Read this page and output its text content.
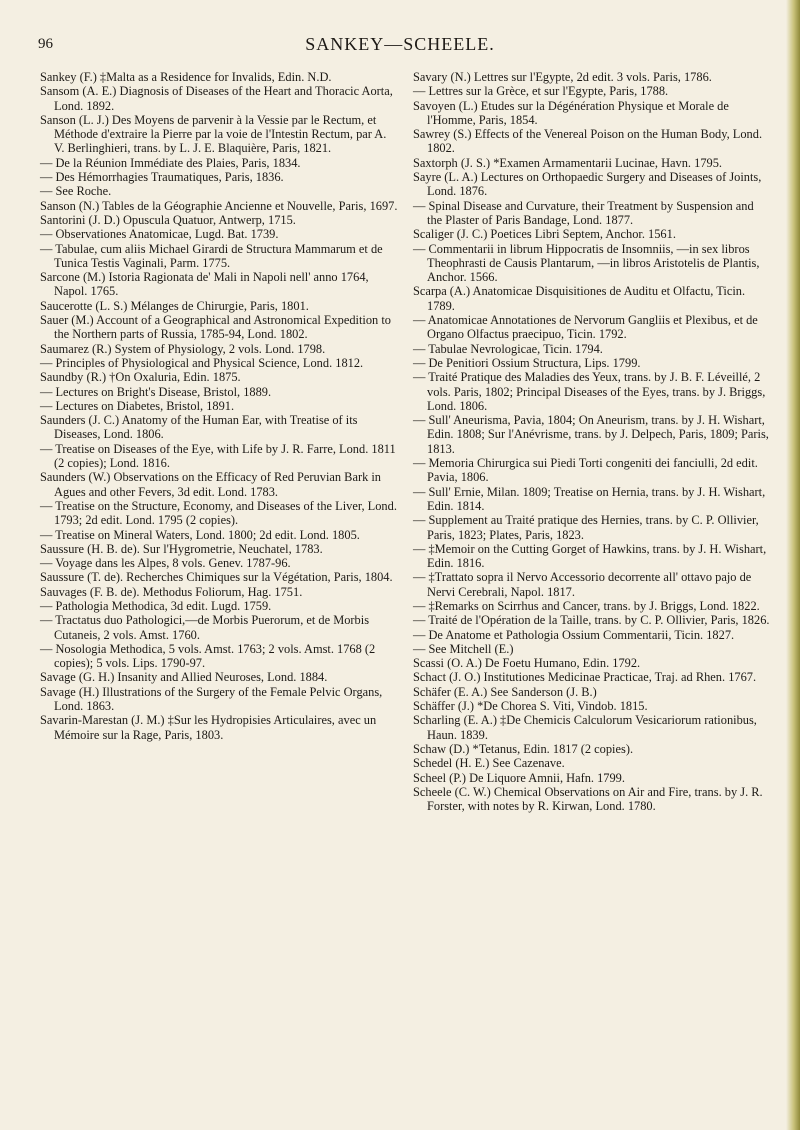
96	SANKEY—SCHEELE.

Sankey (F.) ‡Malta as a Residence for Invalids, Edin. N.D.

Sansom (A. E.) Diagnosis of Diseases of the Heart and Thoracic Aorta, Lond. 1892.

Sanson (L. J.) Des Moyens de parvenir à la Vessie par le Rectum, et Méthode d'extraire la Pierre par la voie de l'Intestin Rectum, par A. V. Berlinghieri, trans. by L. J. E. Blaquière, Paris, 1821.

— De la Réunion Immédiate des Plaies, Paris, 1834.

— Des Hémorrhagies Traumatiques, Paris, 1836.

— See Roche.

Sanson (N.) Tables de la Géographie Ancienne et Nouvelle, Paris, 1697.

Santorini (J. D.) Opuscula Quatuor, Antwerp, 1715.

— Observationes Anatomicae, Lugd. Bat. 1739.

— Tabulae, cum aliis Michael Girardi de Structura Mammarum et de Tunica Testis Vaginali, Parm. 1775.

Sarcone (M.) Istoria Ragionata de' Mali in Napoli nell' anno 1764, Napol. 1765.

Saucerotte (L. S.) Mélanges de Chirurgie, Paris, 1801.

Sauer (M.) Account of a Geographical and Astronomical Expedition to the Northern parts of Russia, 1785-94, Lond. 1802.

Saumarez (R.) System of Physiology, 2 vols. Lond. 1798.

— Principles of Physiological and Physical Science, Lond. 1812.

Saundby (R.) †On Oxaluria, Edin. 1875.

— Lectures on Bright's Disease, Bristol, 1889.

— Lectures on Diabetes, Bristol, 1891.

Saunders (J. C.) Anatomy of the Human Ear, with Treatise of its Diseases, Lond. 1806.

— Treatise on Diseases of the Eye, with Life by J. R. Farre, Lond. 1811 (2 copies); Lond. 1816.

Saunders (W.) Observations on the Efficacy of Red Peruvian Bark in Agues and other Fevers, 3d edit. Lond. 1783.

— Treatise on the Structure, Economy, and Diseases of the Liver, Lond. 1793; 2d edit. Lond. 1795 (2 copies).

— Treatise on Mineral Waters, Lond. 1800; 2d edit. Lond. 1805.

Saussure (H. B. de). Sur l'Hygrometrie, Neuchatel, 1783.

— Voyage dans les Alpes, 8 vols. Genev. 1787-96.

Saussure (T. de). Recherches Chimiques sur la Végétation, Paris, 1804.

Sauvages (F. B. de). Methodus Foliorum, Hag. 1751.

— Pathologia Methodica, 3d edit. Lugd. 1759.

— Tractatus duo Pathologici,—de Morbis Puerorum, et de Morbis Cutaneis, 2 vols. Amst. 1760.

— Nosologia Methodica, 5 vols. Amst. 1763; 2 vols. Amst. 1768 (2 copies); 5 vols. Lips. 1790-97.

Savage (G. H.) Insanity and Allied Neuroses, Lond. 1884.

Savage (H.) Illustrations of the Surgery of the Female Pelvic Organs, Lond. 1863.

Savarin-Marestan (J. M.) ‡Sur les Hydropisies Articulaires, avec un Mémoire sur la Rage, Paris, 1803.

Savary (N.) Lettres sur l'Egypte, 2d edit. 3 vols. Paris, 1786.

— Lettres sur la Grèce, et sur l'Egypte, Paris, 1788.

Savoyen (L.) Etudes sur la Dégénération Physique et Morale de l'Homme, Paris, 1854.

Sawrey (S.) Effects of the Venereal Poison on the Human Body, Lond. 1802.

Saxtorph (J. S.) *Examen Armamentarii Lucinae, Havn. 1795.

Sayre (L. A.) Lectures on Orthopaedic Surgery and Diseases of Joints, Lond. 1876.

— Spinal Disease and Curvature, their Treatment by Suspension and the Plaster of Paris Bandage, Lond. 1877.

Scaliger (J. C.) Poetices Libri Septem, Anchor. 1561.

— Commentarii in librum Hippocratis de Insomniis, —in sex libros Theophrasti de Causis Plantarum, —in libros Aristotelis de Plantis, Anchor. 1566.

Scarpa (A.) Anatomicae Disquisitiones de Auditu et Olfactu, Ticin. 1789.

— Anatomicae Annotationes de Nervorum Gangliis et Plexibus, et de Organo Olfactus praecipuo, Ticin. 1792.

— Tabulae Nevrologicae, Ticin. 1794.

— De Penitiori Ossium Structura, Lips. 1799.

— Traité Pratique des Maladies des Yeux, trans. by J. B. F. Léveillé, 2 vols. Paris, 1802; Principal Diseases of the Eyes, trans. by J. Briggs, Lond. 1806.

— Sull' Aneurisma, Pavia, 1804; On Aneurism, trans. by J. H. Wishart, Edin. 1808; Sur l'Anévrisme, trans. by J. Delpech, Paris, 1809; Paris, 1813.

— Memoria Chirurgica sui Piedi Torti congeniti dei fanciulli, 2d edit. Pavia, 1806.

— Sull' Ernie, Milan. 1809; Treatise on Hernia, trans. by J. H. Wishart, Edin. 1814.

— Supplement au Traité pratique des Hernies, trans. by C. P. Ollivier, Paris, 1823; Plates, Paris, 1823.

— ‡Memoir on the Cutting Gorget of Hawkins, trans. by J. H. Wishart, Edin. 1816.

— ‡Trattato sopra il Nervo Accessorio decorrente all' ottavo pajo de Nervi Cerebrali, Napol. 1817.

— ‡Remarks on Scirrhus and Cancer, trans. by J. Briggs, Lond. 1822.

— Traité de l'Opération de la Taille, trans. by C. P. Ollivier, Paris, 1826.

— De Anatome et Pathologia Ossium Commentarii, Ticin. 1827.

— See Mitchell (E.)

Scassi (O. A.) De Foetu Humano, Edin. 1792.

Schact (J. O.) Institutiones Medicinae Practicae, Traj. ad Rhen. 1767.

Schäfer (E. A.) See Sanderson (J. B.)

Schäffer (J.) *De Chorea S. Viti, Vindob. 1815.

Scharling (E. A.) ‡De Chemicis Calculorum Vesicariorum rationibus, Haun. 1839.

Schaw (D.) *Tetanus, Edin. 1817 (2 copies).

Schedel (H. E.) See Cazenave.

Scheel (P.) De Liquore Amnii, Hafn. 1799.

Scheele (C. W.) Chemical Observations on Air and Fire, trans. by J. R. Forster, with notes by R. Kirwan, Lond. 1780.
